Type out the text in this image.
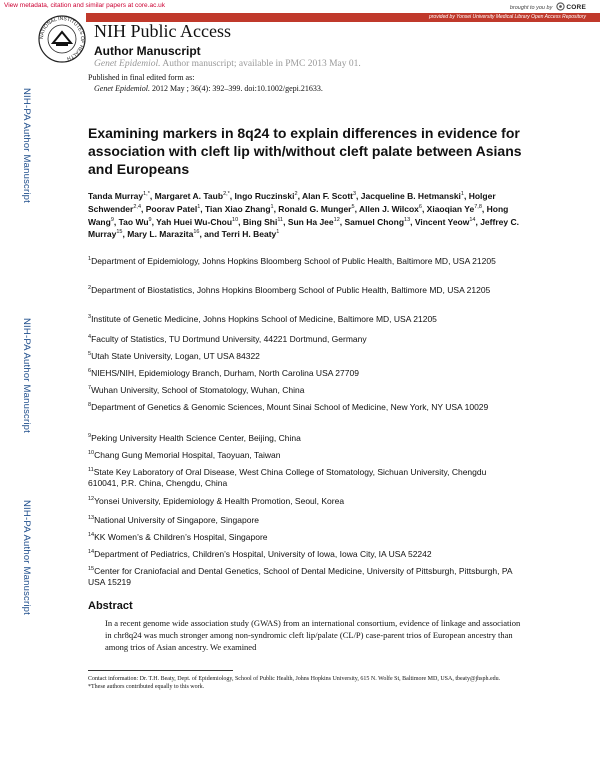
View metadata, citation and similar papers at core.ac.uk	brought to you by CORE
provided by Yonsei University Medical Library Open Access Repository
NATIONAL INSTITUTES OF HEALTH
NIH Public Access
Author Manuscript
Genet Epidemiol. Author manuscript; available in PMC 2013 May 01.
Published in final edited form as:
Genet Epidemiol. 2012 May ; 36(4): 392–399. doi:10.1002/gepi.21633.
NIH-PA Author Manuscript
NIH-PA Author Manuscript
NIH-PA Author Manuscript
Examining markers in 8q24 to explain differences in evidence for association with cleft lip with/without cleft palate between Asians and Europeans
Tanda Murray$^{1,*}$, Margaret A. Taub$^{2,*}$, Ingo Ruczinski$^2$, Alan F. Scott$^3$, Jacqueline B. Hetmanski$^1$, Holger Schwender$^{2,4}$, Poorav Patel$^1$, Tian Xiao Zhang$^1$, Ronald G. Munger$^5$, Allen J. Wilcox$^6$, Xiaoqian Ye$^{7,8}$, Hong Wang$^9$, Tao Wu$^9$, Yah Huei Wu-Chou$^{10}$, Bing Shi$^{11}$, Sun Ha Jee$^{12}$, Samuel Chong$^{13}$, Vincent Yeow$^{14}$, Jeffrey C. Murray$^{15}$, Mary L. Marazita$^{16}$, and Terri H. Beaty$^1$
$^1$Department of Epidemiology, Johns Hopkins Bloomberg School of Public Health, Baltimore MD, USA 21205
$^2$Department of Biostatistics, Johns Hopkins Bloomberg School of Public Health, Baltimore MD, USA 21205
$^3$Institute of Genetic Medicine, Johns Hopkins School of Medicine, Baltimore MD, USA 21205
$^4$Faculty of Statistics, TU Dortmund University, 44221 Dortmund, Germany
$^5$Utah State University, Logan, UT USA 84322
$^6$NIEHS/NIH, Epidemiology Branch, Durham, North Carolina USA 27709
$^7$Wuhan University, School of Stomatology, Wuhan, China
$^8$Department of Genetics & Genomic Sciences, Mount Sinai School of Medicine, New York, NY USA 10029
$^9$Peking University Health Science Center, Beijing, China
$^{10}$Chang Gung Memorial Hospital, Taoyuan, Taiwan
$^{11}$State Key Laboratory of Oral Disease, West China College of Stomatology, Sichuan University, Chengdu 610041, P.R. China, Chengdu, China
$^{12}$Yonsei University, Epidemiology & Health Promotion, Seoul, Korea
$^{13}$National University of Singapore, Singapore
$^{14}$KK Women’s & Children’s Hospital, Singapore
$^{14}$Department of Pediatrics, Children’s Hospital, University of Iowa, Iowa City, IA USA 52242
$^{15}$Center for Craniofacial and Dental Genetics, School of Dental Medicine, University of Pittsburgh, Pittsburgh, PA USA 15219
Abstract
In a recent genome wide association study (GWAS) from an international consortium, evidence of linkage and association in chr8q24 was much stronger among non-syndromic cleft lip/palate (CL/P) case-parent trios of European ancestry than among trios of Asian ancestry. We examined
Contact information: Dr. T.H. Beaty, Dept. of Epidemiology, School of Public Health, Johns Hopkins University, 615 N. Wolfe St, Baltimore MD, USA, tbeaty@jhsph.edu.
*These authors contributed equally to this work.
